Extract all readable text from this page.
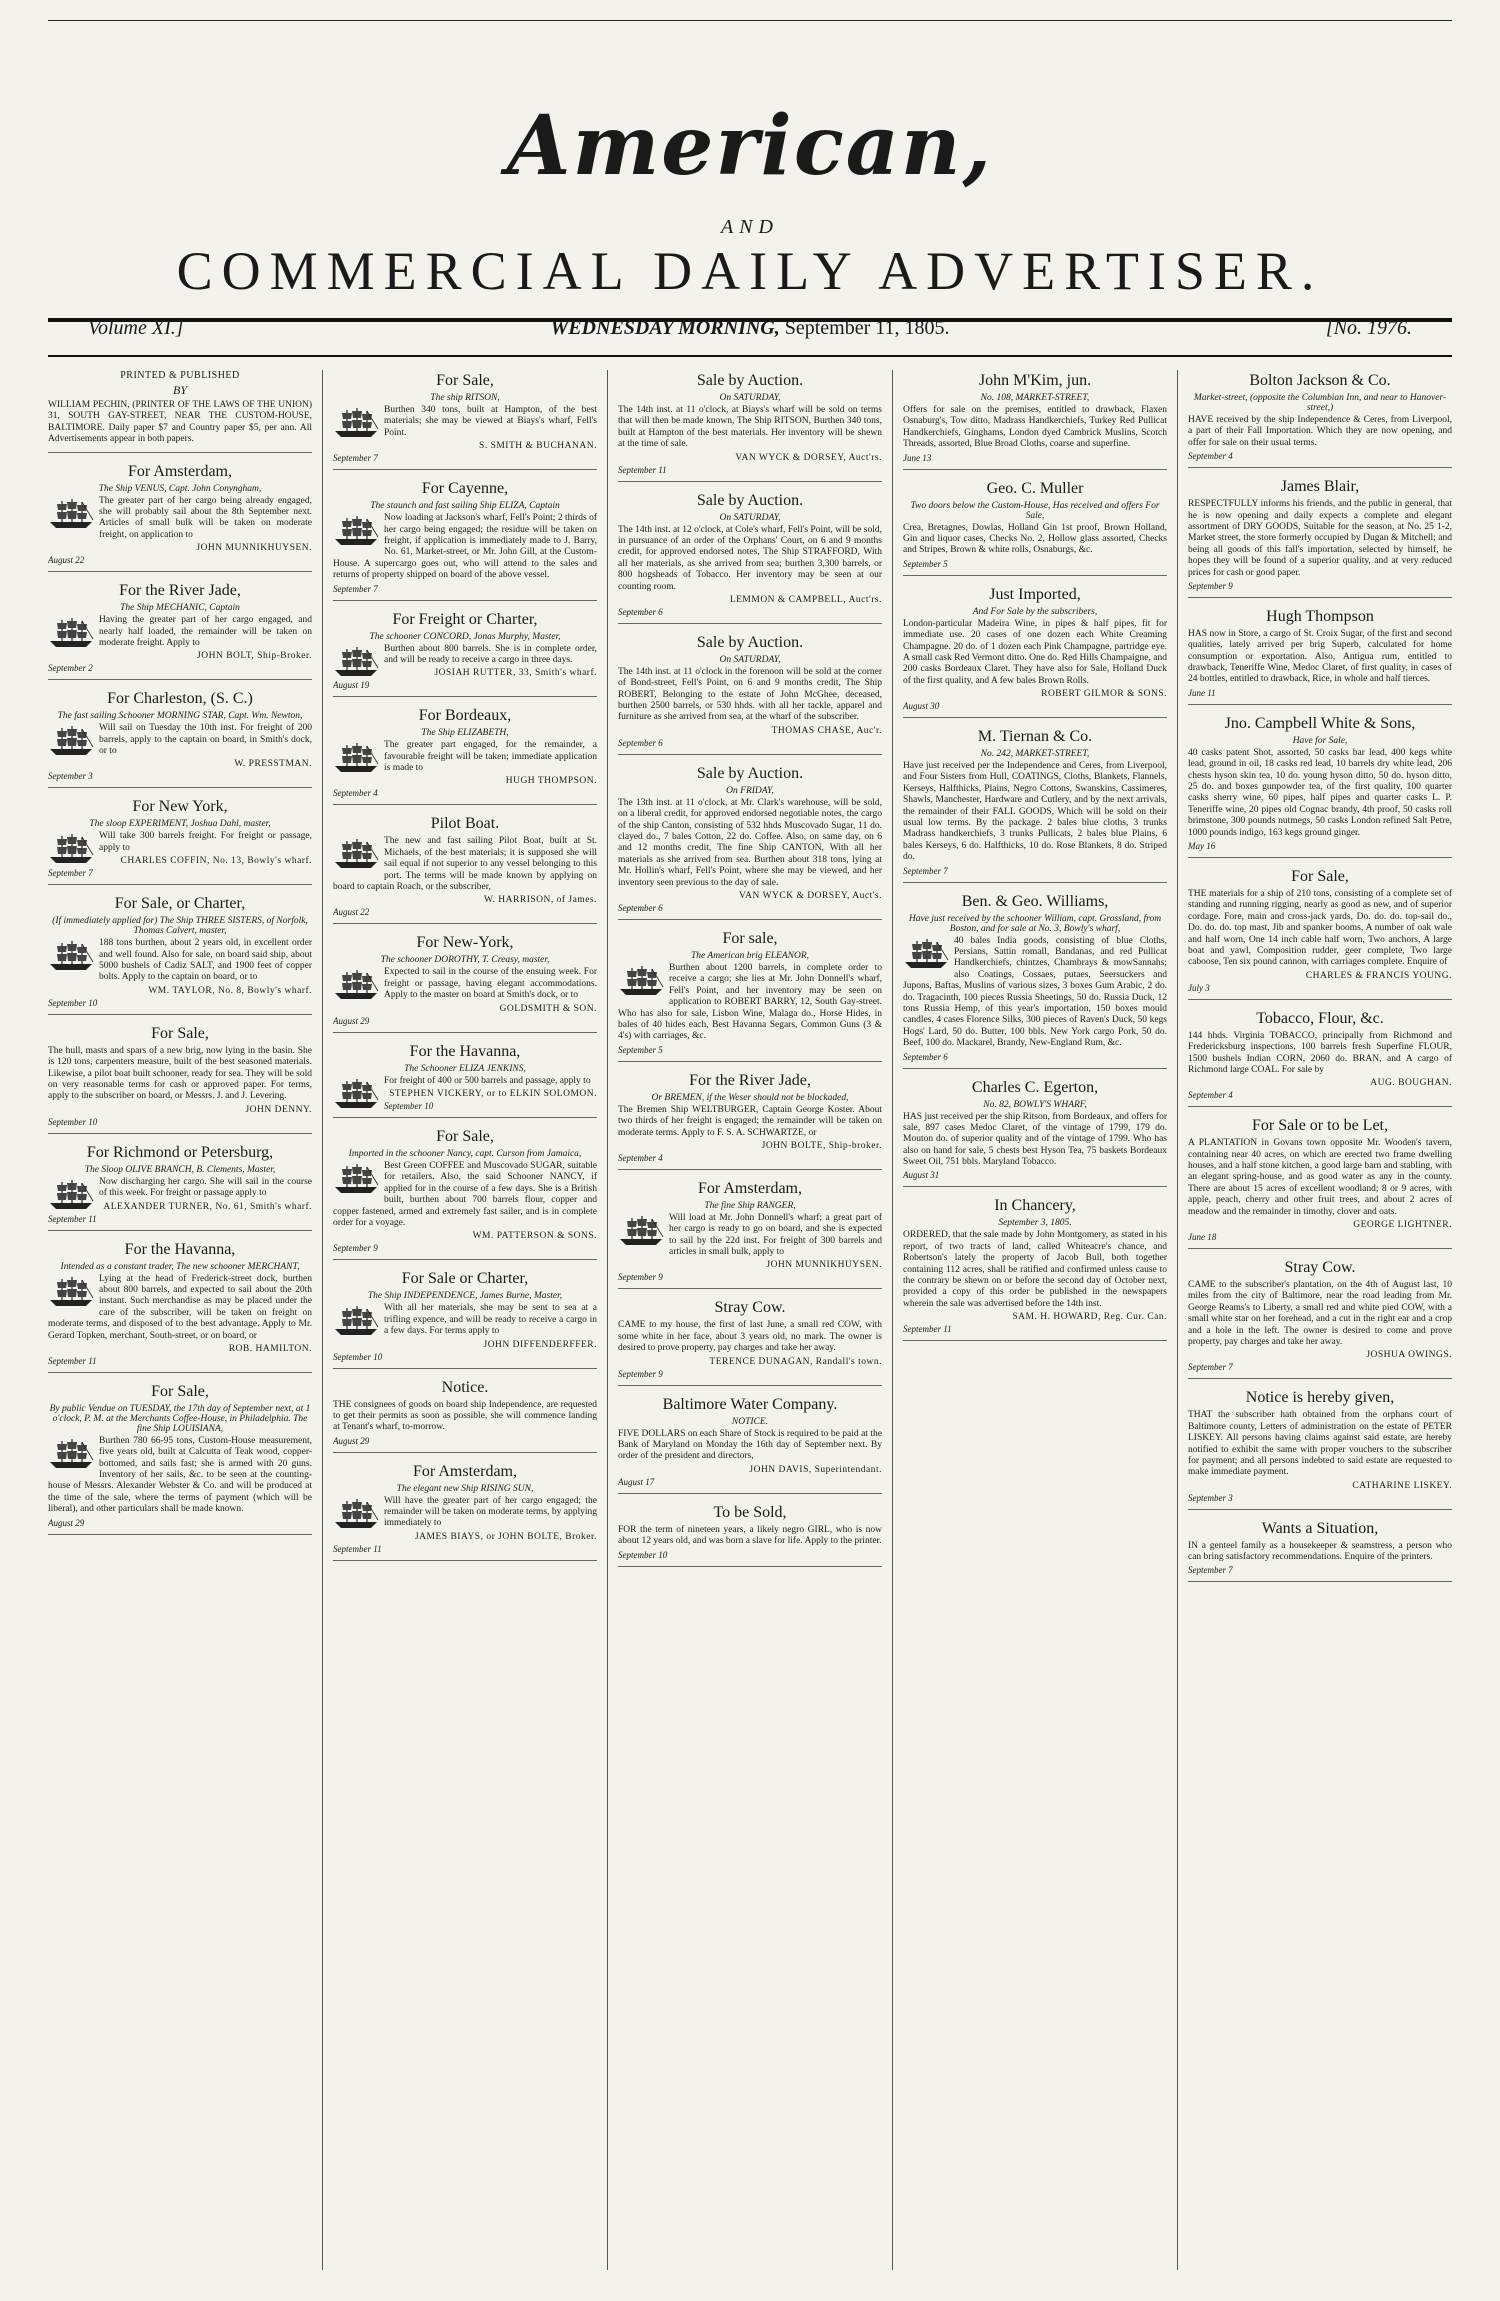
American,
AND
COMMERCIAL DAILY ADVERTISER.
Volume XI.]	WEDNESDAY MORNING, September 11, 1805.	[No. 1976.
PRINTED & PUBLISHED
BY

WILLIAM PECHIN, (PRINTER OF THE LAWS OF THE UNION) 31, SOUTH GAY-STREET, NEAR THE CUSTOM-HOUSE, BALTIMORE. Daily paper $7 and Country paper $5, per ann. All Advertisements appear in both papers.

For Amsterdam,
The Ship VENUS, Capt. John Conyngham,

The greater part of her cargo being already engaged, she will probably sail about the 8th September next. Articles of small bulk will be taken on moderate freight, on application to

JOHN MUNNIKHUYSEN.

August 22

For the River Jade,
The Ship MECHANIC, Captain

Having the greater part of her cargo engaged, and nearly half loaded, the remainder will be taken on moderate freight. Apply to

JOHN BOLT, Ship-Broker.

September 2

For Charleston, (S. C.)
The fast sailing Schooner MORNING STAR, Capt. Wm. Newton,

Will sail on Tuesday the 10th inst. For freight of 200 barrels, apply to the captain on board, in Smith's dock, or to

W. PRESSTMAN.

September 3

For New York,
The sloop EXPERIMENT, Joshua Dahl, master,

Will take 300 barrels freight. For freight or passage, apply to

CHARLES COFFIN, No. 13, Bowly's wharf.

September 7

For Sale, or Charter,
(If immediately applied for) The Ship THREE SISTERS, of Norfolk, Thomas Calvert, master,

188 tons burthen, about 2 years old, in excellent order and well found. Also for sale, on board said ship, about 5000 bushels of Cadiz SALT, and 1900 feet of copper bolts. Apply to the captain on board, or to

WM. TAYLOR, No. 8, Bowly's wharf.

September 10

For Sale,

The hull, masts and spars of a new brig, now lying in the basin. She is 120 tons, carpenters measure, built of the best seasoned materials. Likewise, a pilot boat built schooner, ready for sea. They will be sold on very reasonable terms for cash or approved paper. For terms, apply to the subscriber on board, or Messrs. J. and J. Levering.

JOHN DENNY.

September 10

For Richmond or Petersburg,
The Sloop OLIVE BRANCH, B. Clements, Master,

Now discharging her cargo. She will sail in the course of this week. For freight or passage apply to

ALEXANDER TURNER, No. 61, Smith's wharf.

September 11

For the Havanna,
Intended as a constant trader, The new schooner MERCHANT,

Lying at the head of Frederick-street dock, burthen about 800 barrels, and expected to sail about the 20th instant. Such merchandise as may be placed under the care of the subscriber, will be taken on freight on moderate terms, and disposed of to the best advantage. Apply to Mr. Gerard Topken, merchant, South-street, or on board, or

ROB. HAMILTON.

September 11

For Sale,
By public Vendue on TUESDAY, the 17th day of September next, at 1 o'clock, P. M. at the Merchants Coffee-House, in Philadelphia. The fine Ship LOUISIANA,

Burthen 780 66-95 tons, Custom-House measurement, five years old, built at Calcutta of Teak wood, copper-bottomed, and sails fast; she is armed with 20 guns. Inventory of her sails, &c. to be seen at the counting-house of Messrs. Alexander Webster & Co. and will be produced at the time of the sale, where the terms of payment (which will be liberal), and other particulars shall be made known.

August 29

For Sale,
The ship RITSON,

Burthen 340 tons, built at Hampton, of the best materials; she may be viewed at Biays's wharf, Fell's Point.

S. SMITH & BUCHANAN.

September 7

For Cayenne,
The staunch and fast sailing Ship ELIZA, Captain

Now loading at Jackson's wharf, Fell's Point; 2 thirds of her cargo being engaged; the residue will be taken on freight, if application is immediately made to J. Barry, No. 61, Market-street, or Mr. John Gill, at the Custom-House. A supercargo goes out, who will attend to the sales and returns of property shipped on board of the above vessel.

September 7

For Freight or Charter,
The schooner CONCORD, Jonas Murphy, Master,

Burthen about 800 barrels. She is in complete order, and will be ready to receive a cargo in three days.

JOSIAH RUTTER, 33, Smith's wharf.

August 19

For Bordeaux,
The Ship ELIZABETH,

The greater part engaged, for the remainder, a favourable freight will be taken; immediate application is made to

HUGH THOMPSON.

September 4

Pilot Boat.

The new and fast sailing Pilot Boat, built at St. Michaels, of the best materials; it is supposed she will sail equal if not superior to any vessel belonging to this port. The terms will be made known by applying on board to captain Roach, or the subscriber,

W. HARRISON, of James.

August 22

For New-York,
The schooner DOROTHY, T. Creasy, master,

Expected to sail in the course of the ensuing week. For freight or passage, having elegant accommodations. Apply to the master on board at Smith's dock, or to

GOLDSMITH & SON.

August 29

For the Havanna,
The Schooner ELIZA JENKINS,

For freight of 400 or 500 barrels and passage, apply to

STEPHEN VICKERY, or to ELKIN SOLOMON.

September 10

For Sale,
Imported in the schooner Nancy, capt. Curson from Jamaica,

Best Green COFFEE and Muscovado SUGAR, suitable for retailers. Also, the said Schooner NANCY, if applied for in the course of a few days. She is a British built, burthen about 700 barrels flour, copper and copper fastened, armed and extremely fast sailer, and is in complete order for a voyage.

WM. PATTERSON & SONS.

September 9

For Sale or Charter,
The Ship INDEPENDENCE, James Burne, Master,

With all her materials, she may be sent to sea at a trifling expence, and will be ready to receive a cargo in a few days. For terms apply to

JOHN DIFFENDERFFER.

September 10

Notice.

THE consignees of goods on board ship Independence, are requested to get their permits as soon as possible, she will commence landing at Tenant's wharf, to-morrow.

August 29

For Amsterdam,
The elegant new Ship RISING SUN,

Will have the greater part of her cargo engaged; the remainder will be taken on moderate terms, by applying immediately to

JAMES BIAYS, or JOHN BOLTE, Broker.

September 11

Sale by Auction.
On SATURDAY,

The 14th inst. at 11 o'clock, at Biays's wharf will be sold on terms that will then be made known, The Ship RITSON, Burthen 340 tons, built at Hampton of the best materials. Her inventory will be shewn at the time of sale.

VAN WYCK & DORSEY, Auct'rs.

September 11

Sale by Auction.
On SATURDAY,

The 14th inst. at 12 o'clock, at Cole's wharf, Fell's Point, will be sold, in pursuance of an order of the Orphans' Court, on 6 and 9 months credit, for approved endorsed notes, The Ship STRAFFORD, With all her materials, as she arrived from sea; burthen 3,300 barrels, or 800 hogsheads of Tobacco. Her inventory may be seen at our counting room.

LEMMON & CAMPBELL, Auct'rs.

September 6

Sale by Auction.
On SATURDAY,

The 14th inst. at 11 o'clock in the forenoon will be sold at the corner of Bond-street, Fell's Point, on 6 and 9 months credit, The Ship ROBERT, Belonging to the estate of John McGhee, deceased, burthen 2500 barrels, or 530 hhds. with all her tackle, apparel and furniture as she arrived from sea, at the wharf of the subscriber.

THOMAS CHASE, Auc'r.

September 6

Sale by Auction.
On FRIDAY,

The 13th inst. at 11 o'clock, at Mr. Clark's warehouse, will be sold, on a liberal credit, for approved endorsed negotiable notes, the cargo of the ship Canton, consisting of 532 hhds Muscovado Sugar, 11 do. clayed do., 7 bales Cotton, 22 do. Coffee. Also, on same day, on 6 and 12 months credit, The fine Ship CANTON, With all her materials as she arrived from sea. Burthen about 318 tons, lying at Mr. Hollin's wharf, Fell's Point, where she may be viewed, and her inventory seen previous to the day of sale.

VAN WYCK & DORSEY, Auct's.

September 6

For sale,
The American brig ELEANOR,

Burthen about 1200 barrels, in complete order to receive a cargo; she lies at Mr. John Donnell's wharf, Fell's Point, and her inventory may be seen on application to ROBERT BARRY, 12, South Gay-street. Who has also for sale, Lisbon Wine, Malaga do., Horse Hides, in bales of 40 hides each, Best Havanna Segars, Common Guns (3 & 4's) with carriages, &c.

September 5

For the River Jade,
Or BREMEN, if the Weser should not be blockaded,

The Bremen Ship WELTBURGER, Captain George Koster. About two thirds of her freight is engaged; the remainder will be taken on moderate terms. Apply to F. S. A. SCHWARTZE, or

JOHN BOLTE, Ship-broker.

September 4

For Amsterdam,
The fine Ship RANGER,

Will load at Mr. John Donnell's wharf; a great part of her cargo is ready to go on board, and she is expected to sail by the 22d inst. For freight of 300 barrels and articles in small bulk, apply to

JOHN MUNNIKHUYSEN.

September 9

Stray Cow.

CAME to my house, the first of last June, a small red COW, with some white in her face, about 3 years old, no mark. The owner is desired to prove property, pay charges and take her away.

TERENCE DUNAGAN, Randall's town.

September 9

Baltimore Water Company.
NOTICE.

FIVE DOLLARS on each Share of Stock is required to be paid at the Bank of Maryland on Monday the 16th day of September next. By order of the president and directors,

JOHN DAVIS, Superintendant.

August 17

To be Sold,

FOR the term of nineteen years, a likely negro GIRL, who is now about 12 years old, and was born a slave for life. Apply to the printer.

September 10

John M'Kim, jun.
No. 108, MARKET-STREET,

Offers for sale on the premises, entitled to drawback, Flaxen Osnaburg's, Tow ditto, Madrass Handkerchiefs, Turkey Red Pullicat Handkerchiefs, Ginghams, London dyed Cambrick Muslins, Scotch Threads, assorted, Blue Broad Cloths, coarse and superfine.

June 13

Geo. C. Muller
Two doors below the Custom-House, Has received and offers For Sale,

Crea, Bretagnes, Dowlas, Holland Gin 1st proof, Brown Holland, Gin and liquor cases, Checks No. 2, Hollow glass assorted, Checks and Stripes, Brown & white rolls, Osnaburgs, &c.

September 5

Just Imported,
And For Sale by the subscribers,

London-particular Madeira Wine, in pipes & half pipes, fit for immediate use. 20 cases of one dozen each White Creaming Champagne. 20 do. of 1 dozen each Pink Champagne, partridge eye. A small cask Red Vermont ditto. One do. Red Hills Champaigne, and 200 casks Bordeaux Claret. They have also for Sale, Holland Duck of the first quality, and A few bales Brown Rolls.

ROBERT GILMOR & SONS.

August 30

M. Tiernan & Co.
No. 242, MARKET-STREET,

Have just received per the Independence and Ceres, from Liverpool, and Four Sisters from Hull, COATINGS, Cloths, Blankets, Flannels, Kerseys, Halfthicks, Plains, Negro Cottons, Swanskins, Cassimeres, Shawls, Manchester, Hardware and Cutlery, and by the next arrivals, the remainder of their FALL GOODS, Which will be sold on their usual low terms. By the package. 2 bales blue cloths, 3 trunks Madrass handkerchiefs, 3 trunks Pullicats, 2 bales blue Plains, 6 bales Kerseys, 6 do. Halfthicks, 10 do. Rose Blankets, 8 do. Striped do.

September 7

Ben. & Geo. Williams,
Have just received by the schooner William, capt. Grossland, from Boston, and for sale at No. 3, Bowly's wharf,

40 bales India goods, consisting of blue Cloths, Persians, Sattin romall, Bandanas, and red Pullicat Handkerchiefs, chintzes, Chambrays & mowSannahs; also Coatings, Cossaes, putaes, Seersuckers and Jupons, Baftas, Muslins of various sizes, 3 boxes Gum Arabic, 2 do. do. Tragacinth, 100 pieces Russia Sheetings, 50 do. Russia Duck, 12 tons Russia Hemp, of this year's importation, 150 boxes mould candles, 4 cases Florence Silks, 300 pieces of Raven's Duck, 50 kegs Hogs' Lard, 50 do. Butter, 100 bbls. New York cargo Pork, 50 do. Beef, 100 do. Mackarel, Brandy, New-England Rum, &c.

September 6

Charles C. Egerton,
No. 82, BOWLY'S WHARF,

HAS just received per the ship Ritson, from Bordeaux, and offers for sale, 897 cases Medoc Claret, of the vintage of 1799, 179 do. Mouton do. of superior quality and of the vintage of 1799. Who has also on hand for sale, 5 chests best Hyson Tea, 75 baskets Bordeaux Sweet Oil, 751 bbls. Maryland Tobacco.

August 31

In Chancery,
September 3, 1805.

ORDERED, that the sale made by John Montgomery, as stated in his report, of two tracts of land, called Whiteacre's chance, and Robertson's lately the property of Jacob Bull, both together containing 112 acres, shall be ratified and confirmed unless cause to the contrary be shewn on or before the second day of October next, provided a copy of this order be published in the newspapers wherein the sale was advertised before the 14th inst.

SAM. H. HOWARD, Reg. Cur. Can.

September 11

Bolton Jackson & Co.
Market-street, (opposite the Columbian Inn, and near to Hanover-street,)

HAVE received by the ship Independence & Ceres, from Liverpool, a part of their Fall Importation. Which they are now opening, and offer for sale on their usual terms.

September 4

James Blair,

RESPECTFULLY informs his friends, and the public in general, that he is now opening and daily expects a complete and elegant assortment of DRY GOODS, Suitable for the season, at No. 25 1-2, Market street, the store formerly occupied by Dugan & Mitchell; and being all goods of this fall's importation, selected by himself, he hopes they will be found of a superior quality, and at very reduced prices for cash or good paper.

September 9

Hugh Thompson

HAS now in Store, a cargo of St. Croix Sugar, of the first and second qualities, lately arrived per brig Superb, calculated for home consumption or exportation. Also, Antigua rum, entitled to drawback, Teneriffe Wine, Medoc Claret, of first quality, in cases of 24 bottles, entitled to drawback, Rice, in whole and half tierces.

June 11

Jno. Campbell White & Sons,
Have for Sale,

40 casks patent Shot, assorted, 50 casks bar lead, 400 kegs white lead, ground in oil, 18 casks red lead, 10 barrels dry white lead, 206 chests hyson skin tea, 10 do. young hyson ditto, 50 do. hyson ditto, 25 do. and boxes gunpowder tea, of the first quality, 100 quarter casks sherry wine, 60 pipes, half pipes and quarter casks L. P. Teneriffe wine, 20 pipes old Cognac brandy, 4th proof, 50 casks roll brimstone, 300 pounds nutmegs, 50 casks London refined Salt Petre, 1000 pounds indigo, 163 kegs ground ginger.

May 16

For Sale,

THE materials for a ship of 210 tons, consisting of a complete set of standing and running rigging, nearly as good as new, and of superior cordage. Fore, main and cross-jack yards, Do. do. do. top-sail do., Do. do. do. top mast, Jib and spanker booms, A number of oak wale and half worn, One 14 inch cable half worn, Two anchors, A large boat and yawl, Composition rudder, geer complete, Two large caboose, Ten six pound cannon, with carriages complete. Enquire of

CHARLES & FRANCIS YOUNG.

July 3

Tobacco, Flour, &c.

144 hhds. Virginia TOBACCO, principally from Richmond and Fredericksburg inspections, 100 barrels fresh Superfine FLOUR, 1500 bushels Indian CORN, 2060 do. BRAN, and A cargo of Richmond large COAL. For sale by

AUG. BOUGHAN.

September 4

For Sale or to be Let,

A PLANTATION in Govans town opposite Mr. Wooden's tavern, containing near 40 acres, on which are erected two frame dwelling houses, and a half stone kitchen, a good large barn and stabling, with an elegant spring-house, and as good water as any in the county. There are about 15 acres of excellent woodland; 8 or 9 acres, with apple, peach, cherry and other fruit trees, and about 2 acres of meadow and the remainder in timothy, clover and oats.

GEORGE LIGHTNER.

June 18

Stray Cow.

CAME to the subscriber's plantation, on the 4th of August last, 10 miles from the city of Baltimore, near the road leading from Mr. George Reams's to Liberty, a small red and white pied COW, with a small white star on her forehead, and a cut in the right ear and a crop and a hole in the left. The owner is desired to come and prove property, pay charges and take her away.

JOSHUA OWINGS.

September 7

Notice is hereby given,

THAT the subscriber hath obtained from the orphans court of Baltimore county, Letters of administration on the estate of PETER LISKEY. All persons having claims against said estate, are hereby notified to exhibit the same with proper vouchers to the subscriber for payment; and all persons indebted to said estate are requested to make immediate payment.

CATHARINE LISKEY.

September 3

Wants a Situation,

IN a genteel family as a housekeeper & seamstress, a person who can bring satisfactory recommendations. Enquire of the printers.

September 7
